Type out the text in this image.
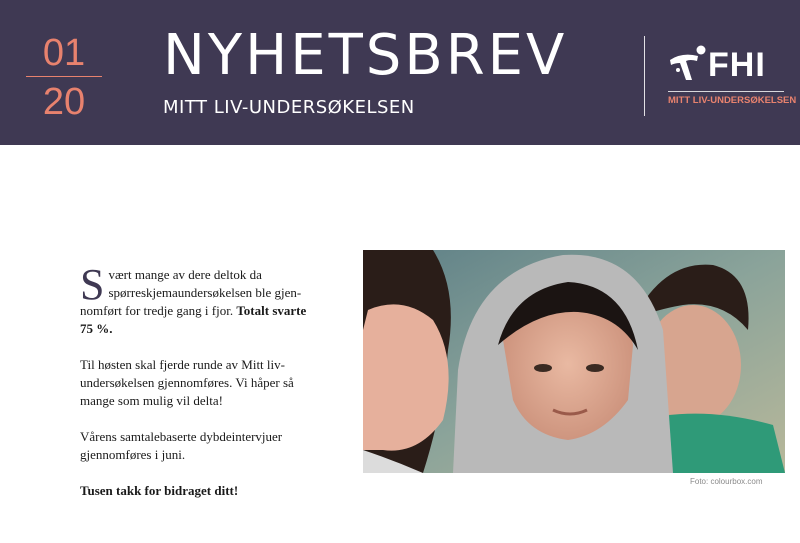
01
20
NYHETSBREV
MITT LIV-UNDERSØKELSEN
FHI
MITT LIV-UNDERSØKELSEN

Svært mange av dere deltok da spørreskjemaundersøkelsen ble gjen-nomført for tredje gang i fjor. Totalt svarte 75 %.

Til høsten skal fjerde runde av Mitt liv-undersøkelsen gjennomføres. Vi håper så mange som mulig vil delta!

Vårens samtalebaserte dybdeintervjuer gjennomføres i juni.

Tusen takk for bidraget ditt!

Foto: colourbox.com
